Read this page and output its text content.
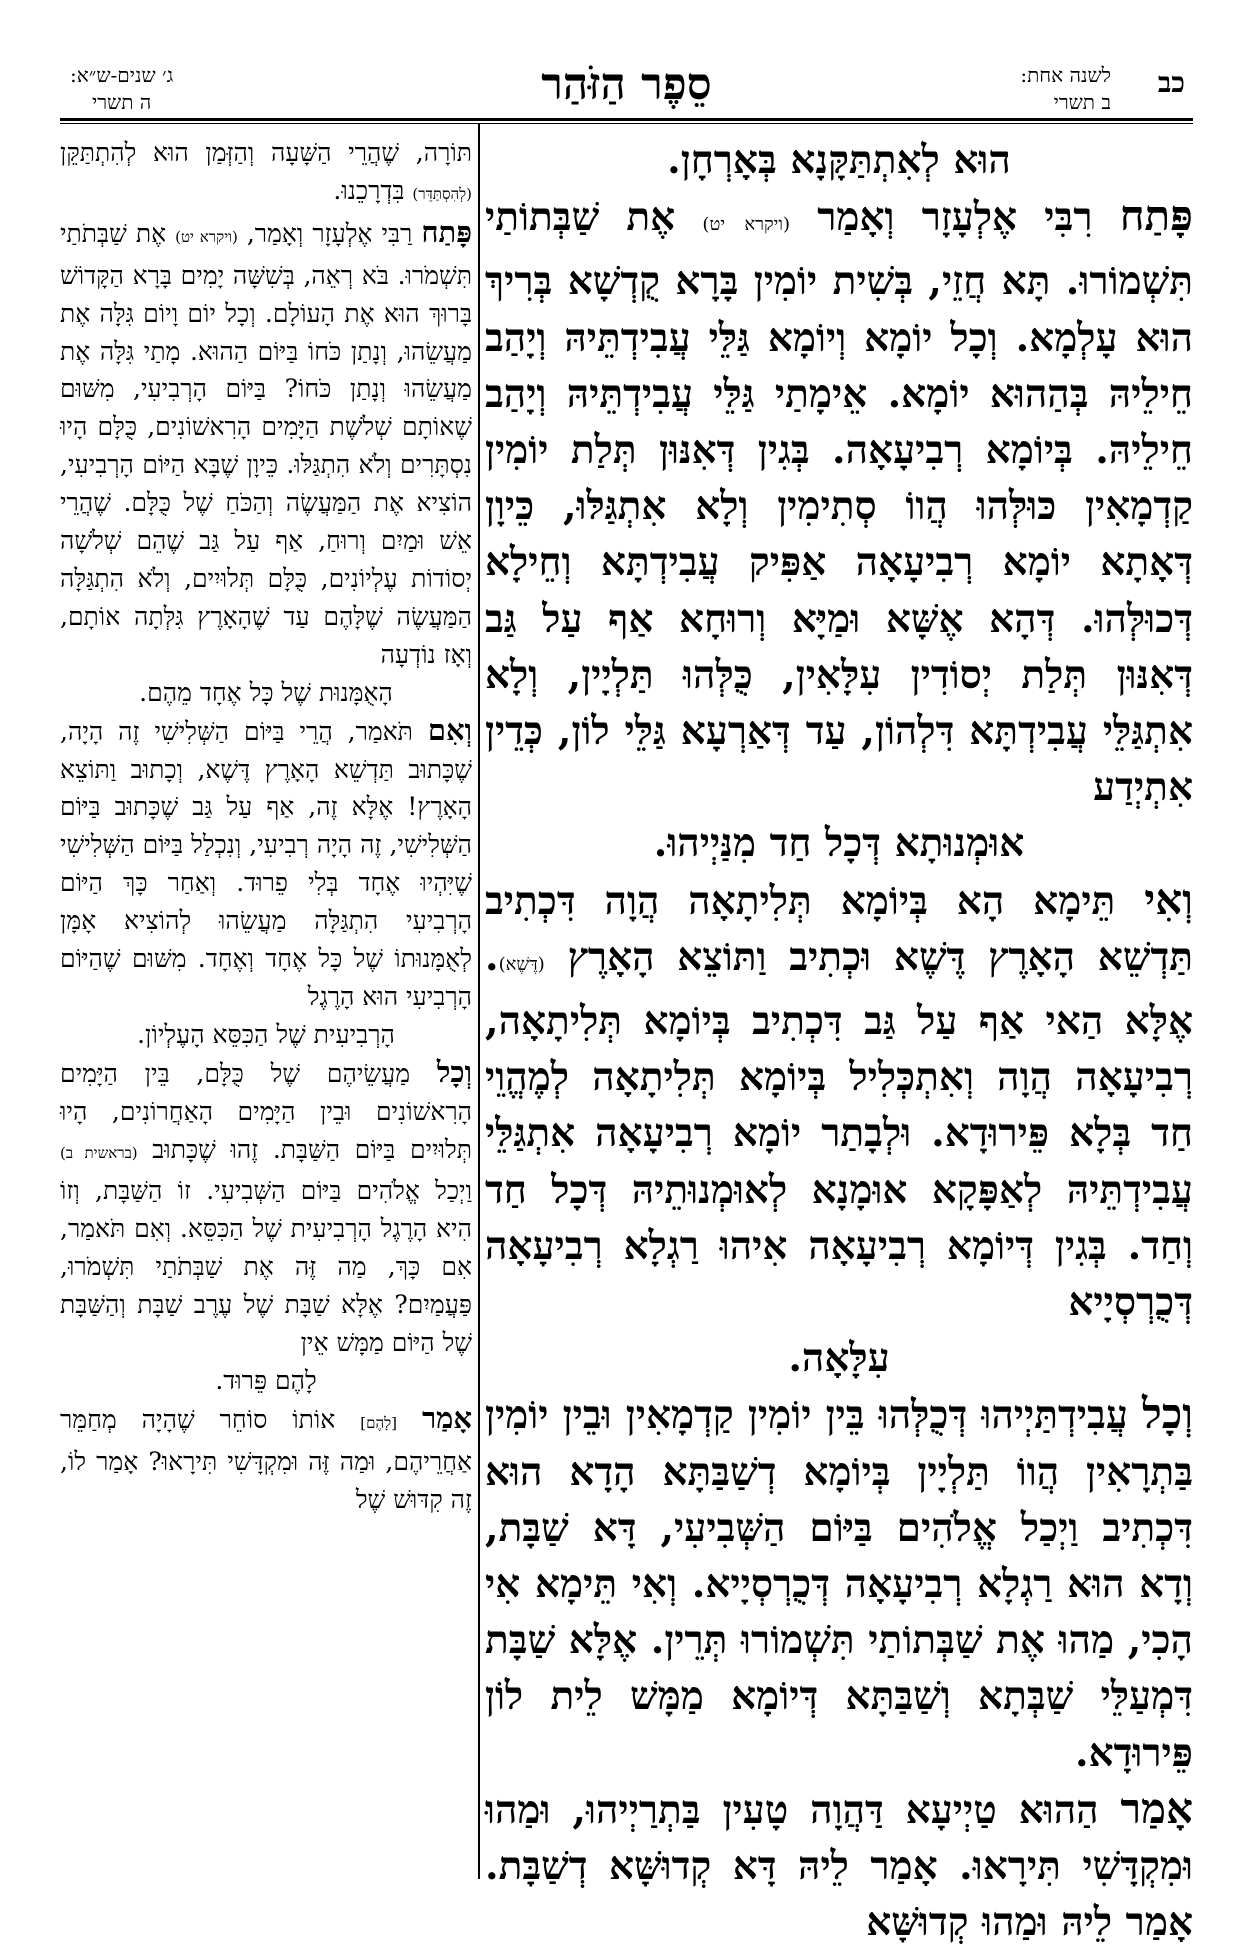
כב
לשנה אחת:
ב תשרי
סֵפֶר הַזֹּהַר
ג׳ שנים-ש״א:
ה תשרי

הוּא לְאִתְתַּקָּנָא בְּאָרְחָן.

פָּתַח רִבִּי אֶלְעָזָר וְאָמַר (ויקרא יט) אֶת שַׁבְּתוֹתַי תִּשְׁמוֹרוּ. תָּא חֲזֵי, בְּשִׁית יוֹמִין בָּרָא קֻדְשָׁא בְּרִיךְ הוּא עָלְמָא. וְכָל יוֹמָא וְיוֹמָא גַּלֵּי עֲבִידְתֵּיהּ וְיָהַב חֵילֵיהּ בְּהַהוּא יוֹמָא. אֵימָתַי גַּלֵּי עֲבִידְתֵּיהּ וְיָהַב חֵילֵיהּ. בְּיוֹמָא רְבִיעָאָה. בְּגִין דְּאִנּוּן תְּלַת יוֹמִין קַדְמָאִין כּוּלְּהוּ הֲווֹ סְתִימִין וְלָא אִתְגַּלּוּ, כֵּיוָן דְּאָתָא יוֹמָא רְבִיעָאָה אַפִּיק עֲבִידְתָּא וְחֵילָא דְּכוּלְּהוּ. דְּהָא אֶשָּׁא וּמַיָּא וְרוּחָא אַף עַל גַּב דְּאִנּוּן תְּלַת יְסוֹדִין עִלָּאִין, כֻּלְּהוּ תַּלְיָין, וְלָא אִתְגַּלֵּי עֲבִידְתָּא דִּלְהוֹן, עַד דְּאַרְעָא גַּלֵּי לוֹן, כְּדֵין אִתְיְדַע

אוּמְנוּתָא דְּכָל חַד מִנַּיְיהוּ.

וְאִי תֵּימָא הָא בְּיוֹמָא תְּלִיתָאָה הֲוָה דִּכְתִיב תַּדְשֵׁא הָאָרֶץ דֶּשֶׁא וּכְתִיב וַתּוֹצֵא הָאָרֶץ (דֶּשֶׁא). אֶלָּא הַאי אַף עַל גַּב דִּכְתִיב בְּיוֹמָא תְּלִיתָאָה, רְבִיעָאָה הֲוָה וְאִתְכְּלִיל בְּיוֹמָא תְּלִיתָאָה לְמֶהֱוֵי חַד בְּלָא פֵּירוּדָא. וּלְבָתַר יוֹמָא רְבִיעָאָה אִתְגַּלֵּי עֲבִידְתֵּיהּ לְאַפָּקָא אוּמָנָא לְאוּמְנוּתֵיהּ דְּכָל חַד וְחַד. בְּגִין דְּיוֹמָא רְבִיעָאָה אִיהוּ רַגְלָא רְבִיעָאָה דְּכֻרְסְיָיא

עִלָּאָה.

וְכָל עֲבִידְתַּיְיהוּ דְּכֻלְּהוּ בֵּין יוֹמִין קַדְמָאִין וּבֵין יוֹמִין בַּתְרָאִין הֲווֹ תַּלְיָין בְּיוֹמָא דְשַׁבַּתָּא הָדָא הוּא דִּכְתִיב וַיְכַל אֱלֹהִים בַּיּוֹם הַשְּׁבִיעִי, דָּא שַׁבָּת, וְדָא הוּא רַגְלָא רְבִיעָאָה דְּכֻרְסְיָיא. וְאִי תֵּימָא אִי הָכִי, מַהוּ אֶת שַׁבְּתוֹתַי תִּשְׁמוֹרוּ תְּרֵין. אֶלָּא שַׁבָּת דִּמְעַלֵּי שַׁבְּתָא וְשַׁבַּתָּא דְּיוֹמָא מַמָּשׁ לֵית לוֹן פֵּירוּדָא.

אָמַר הַהוּא טַיְיעָא דַּהֲוָה טָעִין בַּתְרַיְיהוּ, וּמַהוּ וּמִקְדָּשִׁי תִּירָאוּ. אָמַר לֵיהּ דָּא קְדוּשָּׁא דְשַׁבָּת. אָמַר לֵיהּ וּמַהוּ קְדוּשָּׁא

תּוֹרָה, שֶׁהֲרֵי הַשָּׁעָה וְהַזְּמַן הוּא לְהִתְתַּקֵּן (לְהִסְתַּדֵּר) בִּדְרָכֵנוּ.

פָּתַח רַבִּי אֶלְעָזָר וְאָמַר, (ויקרא יט) אֶת שַׁבְּתֹתַי תִּשְׁמֹרוּ. בֹּא רְאֵה, בְּשִׁשָּׁה יָמִים בָּרָא הַקָּדוֹשׁ בָּרוּךְ הוּא אֶת הָעוֹלָם. וְכָל יוֹם וָיוֹם גִּלָּה אֶת מַעֲשֵׂהוּ, וְנָתַן כֹּחוֹ בַּיּוֹם הַהוּא. מָתַי גִּלָּה אֶת מַעֲשֵׂהוּ וְנָתַן כֹּחוֹ? בַּיּוֹם הָרְבִיעִי, מִשּׁוּם שֶׁאוֹתָם שְׁלֹשֶׁת הַיָּמִים הָרִאשׁוֹנִים, כֻּלָּם הָיוּ נִסְתָּרִים וְלֹא הִתְגַּלּוּ. כֵּיוָן שֶׁבָּא הַיּוֹם הָרְבִיעִי, הוֹצִיא אֶת הַמַּעֲשֶׂה וְהַכֹּחַ שֶׁל כֻּלָּם. שֶׁהֲרֵי אֵשׁ וּמַיִם וְרוּחַ, אַף עַל גַּב שֶׁהֵם שְׁלֹשָׁה יְסוֹדוֹת עֶלְיוֹנִים, כֻּלָּם תְּלוּיִים, וְלֹא הִתְגַּלָּה הַמַּעֲשֶׂה שֶׁלָּהֶם עַד שֶׁהָאָרֶץ גִּלְּתָה אוֹתָם, וְאָז נוֹדְעָה

הָאֻמָּנוּת שֶׁל כָּל אֶחָד מֵהֶם.

וְאִם תֹּאמַר, הֲרֵי בַּיּוֹם הַשְּׁלִישִׁי זֶה הָיָה, שֶׁכָּתוּב תַּדְשֵׁא הָאָרֶץ דֶּשֶׁא, וְכָתוּב וַתּוֹצֵא הָאָרֶץ! אֶלָּא זֶה, אַף עַל גַּב שֶׁכָּתוּב בַּיּוֹם הַשְּׁלִישִׁי, זֶה הָיָה רְבִיעִי, וְנִכְלַל בַּיּוֹם הַשְּׁלִישִׁי שֶׁיִּהְיוּ אֶחָד בְּלִי פֵרוּד. וְאַחַר כָּךְ הַיּוֹם הָרְבִיעִי הִתְגַּלָּה מַעֲשֵׂהוּ לְהוֹצִיא אָמָּן לְאֻמָּנוּתוֹ שֶׁל כָּל אֶחָד וְאֶחָד. מִשּׁוּם שֶׁהַיּוֹם הָרְבִיעִי הוּא הָרֶגֶל

הָרְבִיעִית שֶׁל הַכִּסֵּא הָעֶלְיוֹן.

וְכָל מַעֲשֵׂיהֶם שֶׁל כֻּלָּם, בֵּין הַיָּמִים הָרִאשׁוֹנִים וּבֵין הַיָּמִים הָאַחֲרוֹנִים, הָיוּ תְּלוּיִים בַּיּוֹם הַשַּׁבָּת. זֶהוּ שֶׁכָּתוּב (בראשית ב) וַיְכַל אֱלֹהִים בַּיּוֹם הַשְּׁבִיעִי. זוֹ הַשַּׁבָּת, וְזוֹ הִיא הָרֶגֶל הָרְבִיעִית שֶׁל הַכִּסֵּא. וְאִם תֹּאמַר, אִם כָּךְ, מַה זֶּה אֶת שַׁבְּתֹתַי תִּשְׁמֹרוּ, פַּעֲמַיִם? אֶלָּא שַׁבָּת שֶׁל עֶרֶב שַׁבָּת וְהַשַּׁבָּת שֶׁל הַיּוֹם מַמָּשׁ אֵין

לָהֶם פֵּרוּד.

אָמַר [לָהֶם] אוֹתוֹ סוֹחֵר שֶׁהָיָה מְחַמֵּר אַחֲרֵיהֶם, וּמַה זֶּה וּמִקְדָּשִׁי תִּירָאוּ? אָמַר לוֹ, זֶה קִדּוּשׁ שֶׁל
